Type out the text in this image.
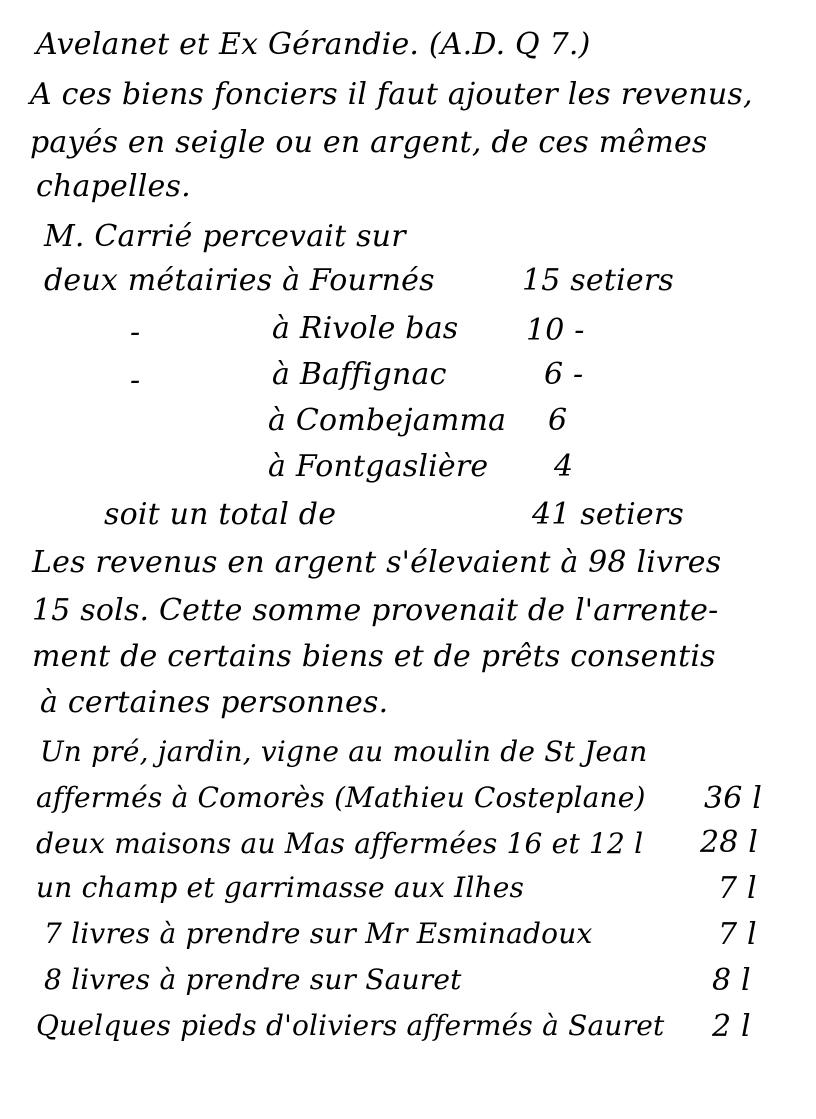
Avelanet et Ex Gérandie. (A.D. Q 7.)
A ces biens fonciers il faut ajouter les revenus,
payés en seigle ou en argent, de ces mêmes
chapelles.
M. Carrié percevait sur
deux métairies à Fournés	15 setiers
-	à Rivole bas 10 -
-	à Baffignac	6 -
à Combejamma 6
à Fontgaslière 4
soit un total de	41 setiers
Les revenus en argent s'élevaient à 98 livres
15 sols. Cette somme provenait de l'arrente-
ment de certains biens et de prêts consentis
à certaines personnes.
Un pré, jardin, vigne au moulin de St Jean
affermés à Comorès (Mathieu Costeplane) 36 l
deux maisons au Mas affermées 16 et 12 l 28 l
un champ et garrimasse aux Ilhes	7 l
7 livres à prendre sur Mr Esminadoux	7 l
8 livres à prendre sur Sauret	8 l
Quelques pieds d'oliviers affermés à Sauret 2 l
